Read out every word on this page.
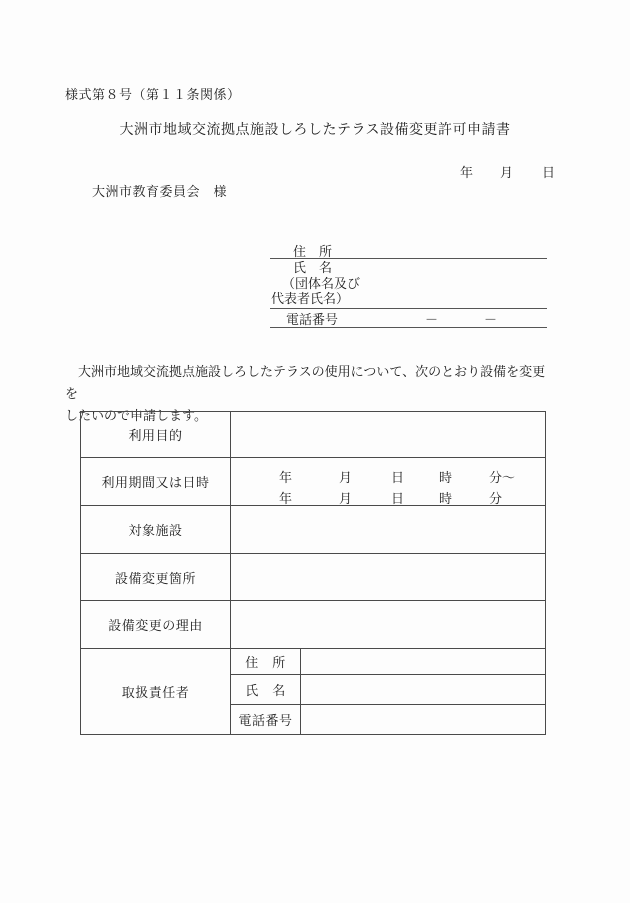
様式第８号（第１１条関係）
大洲市地域交流拠点施設しろしたテラス設備変更許可申請書
年 月 日
大洲市教育委員会　様
住　所
氏　名
（団体名及び
代表者氏名）
電話番号	－	－

　大洲市地域交流拠点施設しろしたテラスの使用について、次のとおり設備を変更を
したいので申請します。

利用目的
利用期間又は日時	年	月	日	時	分～
年	月	日	時	分
対象施設
設備変更箇所
設備変更の理由
取扱責任者
住　所
氏　名
電話番号
